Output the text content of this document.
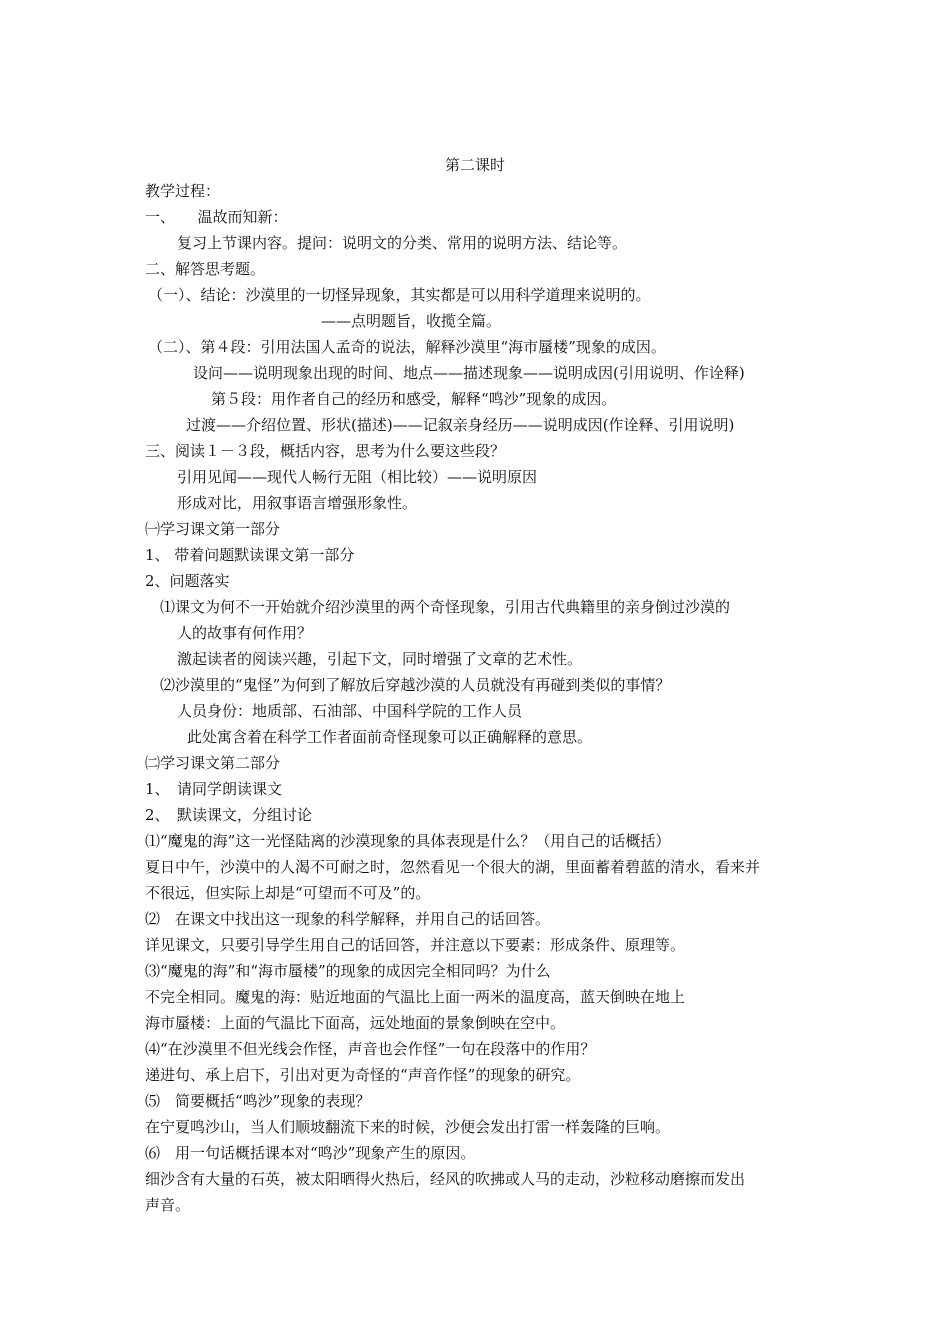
第二课时
教学过程：
一、　　温故而知新：
复习上节课内容。提问：说明文的分类、常用的说明方法、结论等。
二、解答思考题。
（一）、结论：沙漠里的一切怪异现象，其实都是可以用科学道理来说明的。
——点明题旨，收揽全篇。
（二）、第４段：引用法国人孟奇的说法，解释沙漠里“海市蜃楼”现象的成因。
设问——说明现象出现的时间、地点——描述现象——说明成因(引用说明、作诠释)
第５段：用作者自己的经历和感受，解释“鸣沙”现象的成因。
过渡——介绍位置、形状(描述)——记叙亲身经历——说明成因(作诠释、引用说明)
三、阅读１－３段，概括内容，思考为什么要这些段？
引用见闻——现代人畅行无阻（相比较）——说明原因
形成对比，用叙事语言增强形象性。
㈠学习课文第一部分
1、 带着问题默读课文第一部分
2、问题落实
⑴课文为何不一开始就介绍沙漠里的两个奇怪现象，引用古代典籍里的亲身倒过沙漠的
人的故事有何作用？
激起读者的阅读兴趣，引起下文，同时增强了文章的艺术性。
⑵沙漠里的“鬼怪”为何到了解放后穿越沙漠的人员就没有再碰到类似的事情？
人员身份：地质部、石油部、中国科学院的工作人员
此处寓含着在科学工作者面前奇怪现象可以正确解释的意思。
㈡学习课文第二部分
1、　请同学朗读课文
2、　默读课文，分组讨论
⑴“魔鬼的海”这一光怪陆离的沙漠现象的具体表现是什么？（用自己的话概括）
夏日中午，沙漠中的人渴不可耐之时，忽然看见一个很大的湖，里面蓄着碧蓝的清水，看来并
不很远，但实际上却是“可望而不可及”的。
⑵　在课文中找出这一现象的科学解释，并用自己的话回答。
详见课文，只要引导学生用自己的话回答，并注意以下要素：形成条件、原理等。
⑶“魔鬼的海”和“海市蜃楼”的现象的成因完全相同吗？为什么
不完全相同。魔鬼的海：贴近地面的气温比上面一两米的温度高，蓝天倒映在地上
海市蜃楼：上面的气温比下面高，远处地面的景象倒映在空中。
⑷“在沙漠里不但光线会作怪，声音也会作怪”一句在段落中的作用？
递进句、承上启下，引出对更为奇怪的“声音作怪”的现象的研究。
⑸　简要概括“鸣沙”现象的表现？
在宁夏鸣沙山，当人们顺坡翻流下来的时候，沙便会发出打雷一样轰隆的巨响。
⑹　用一句话概括课本对“鸣沙”现象产生的原因。
细沙含有大量的石英，被太阳晒得火热后，经风的吹拂或人马的走动，沙粒移动磨擦而发出
声音。
